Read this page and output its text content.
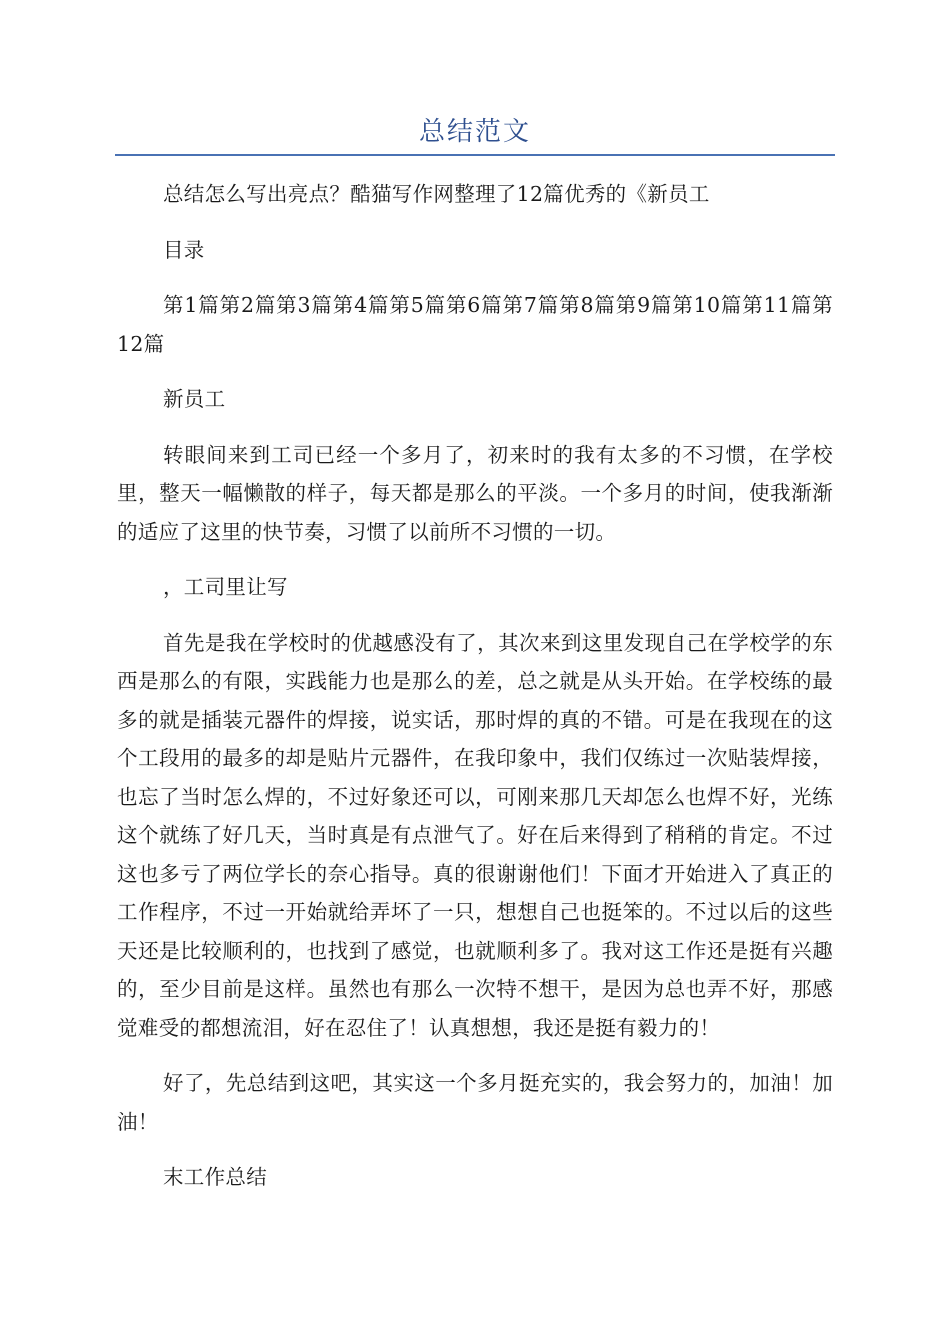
总结范文

总结怎么写出亮点？酷猫写作网整理了12篇优秀的《新员工

目录

第1篇第2篇第3篇第4篇第5篇第6篇第7篇第8篇第9篇第10篇第11篇第12篇

新员工

转眼间来到工司已经一个多月了，初来时的我有太多的不习惯，在学校里，整天一幅懒散的样子，每天都是那么的平淡。一个多月的时间，使我渐渐的适应了这里的快节奏，习惯了以前所不习惯的一切。

，工司里让写

首先是我在学校时的优越感没有了，其次来到这里发现自己在学校学的东西是那么的有限，实践能力也是那么的差，总之就是从头开始。在学校练的最多的就是插装元器件的焊接，说实话，那时焊的真的不错。可是在我现在的这个工段用的最多的却是贴片元器件，在我印象中，我们仅练过一次贴装焊接，也忘了当时怎么焊的，不过好象还可以，可刚来那几天却怎么也焊不好，光练这个就练了好几天，当时真是有点泄气了。好在后来得到了稍稍的肯定。不过这也多亏了两位学长的奈心指导。真的很谢谢他们！下面才开始进入了真正的工作程序，不过一开始就给弄坏了一只，想想自己也挺笨的。不过以后的这些天还是比较顺利的，也找到了感觉，也就顺利多了。我对这工作还是挺有兴趣的，至少目前是这样。虽然也有那么一次特不想干，是因为总也弄不好，那感觉难受的都想流泪，好在忍住了！认真想想，我还是挺有毅力的！

好了，先总结到这吧，其实这一个多月挺充实的，我会努力的，加油！加油！

末工作总结
